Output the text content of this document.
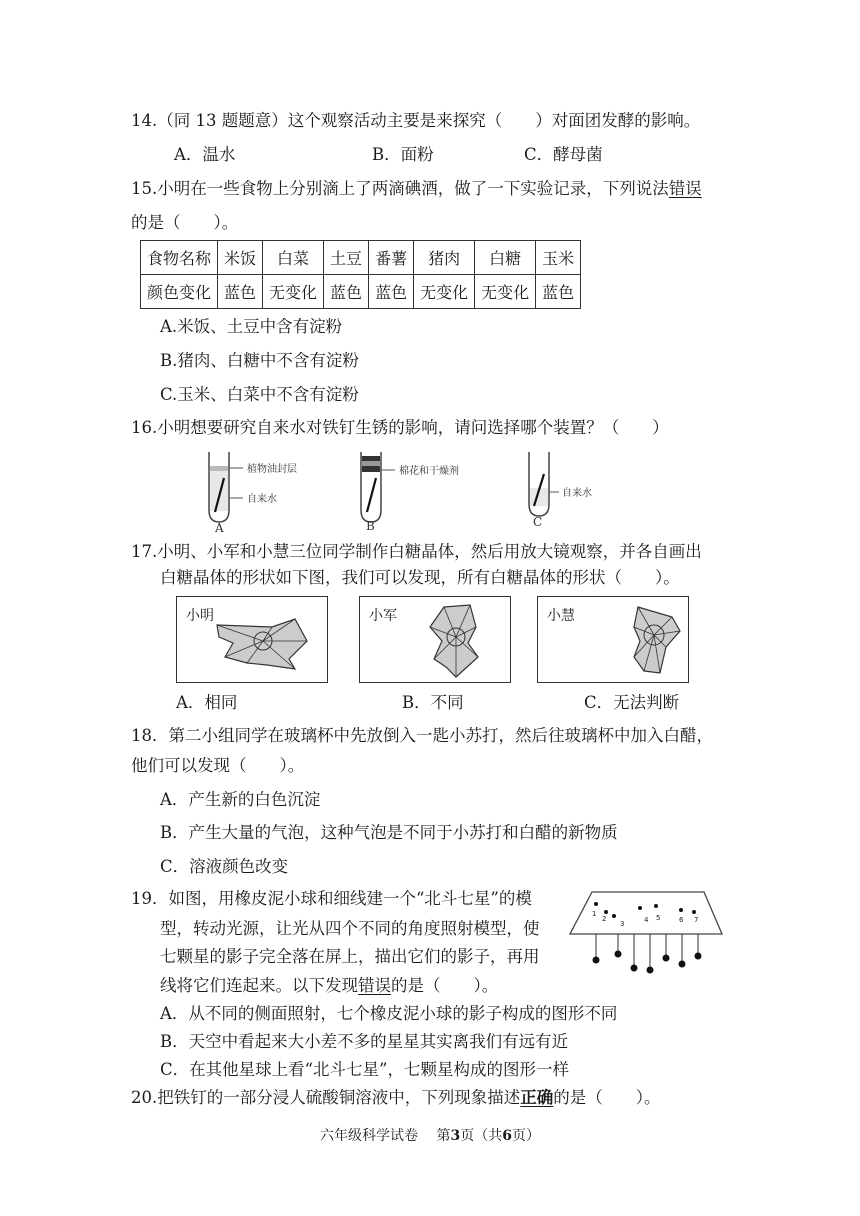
14.（同 13 题题意）这个观察活动主要是来探究（　　）对面团发酵的影响。
A．温水	B．面粉	C．酵母菌
15.小明在一些食物上分别滴上了两滴碘酒，做了一下实验记录，下列说法错误
的是（　　）。
食物名称	米饭	白菜	土豆	番薯	猪肉	白糖	玉米
颜色变化	蓝色	无变化	蓝色	蓝色	无变化	无变化	蓝色
A.米饭、土豆中含有淀粉
B.猪肉、白糖中不含有淀粉
C.玉米、白菜中不含有淀粉
16.小明想要研究自来水对铁钉生锈的影响，请问选择哪个装置？（　　）
植物油封层
自来水
A
棉花和干燥剂
B
自来水
C
17.小明、小军和小慧三位同学制作白糖晶体，然后用放大镜观察，并各自画出
白糖晶体的形状如下图，我们可以发现，所有白糖晶体的形状（　　）。
小明	小军	小慧
A．相同	B．不同	C．无法判断
18．第二小组同学在玻璃杯中先放倒入一匙小苏打，然后往玻璃杯中加入白醋，
他们可以发现（　　）。
A．产生新的白色沉淀
B．产生大量的气泡，这种气泡是不同于小苏打和白醋的新物质
C．溶液颜色改变
19．如图，用橡皮泥小球和细线建一个“北斗七星”的模
型，转动光源，让光从四个不同的角度照射模型，使
七颗星的影子完全落在屏上，描出它们的影子，再用
线将它们连起来。以下发现错误的是（　　）。
1
2
3	4 5	6 7
A．从不同的侧面照射，七个橡皮泥小球的影子构成的图形不同
B．天空中看起来大小差不多的星星其实离我们有远有近
C．在其他星球上看“北斗七星”，七颗星构成的图形一样
20.把铁钉的一部分浸人硫酸铜溶液中，下列现象描述正确的是（　　）。
六年级科学试卷　 第3页（共6页）
